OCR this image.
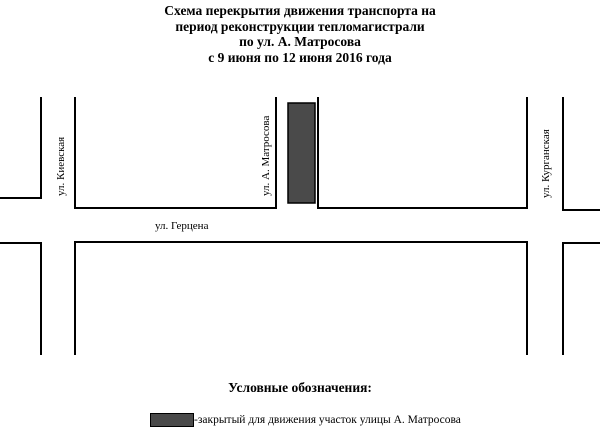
Схема перекрытия движения транспорта на
период реконструкции тепломагистрали
по ул. А. Матросова
с 9 июня по 12 июня 2016 года
ул. Киевская	ул. А. Матросова	ул. Курганская
ул. Герцена
Условные обозначения:
-закрытый для движения участок улицы А. Матросова
